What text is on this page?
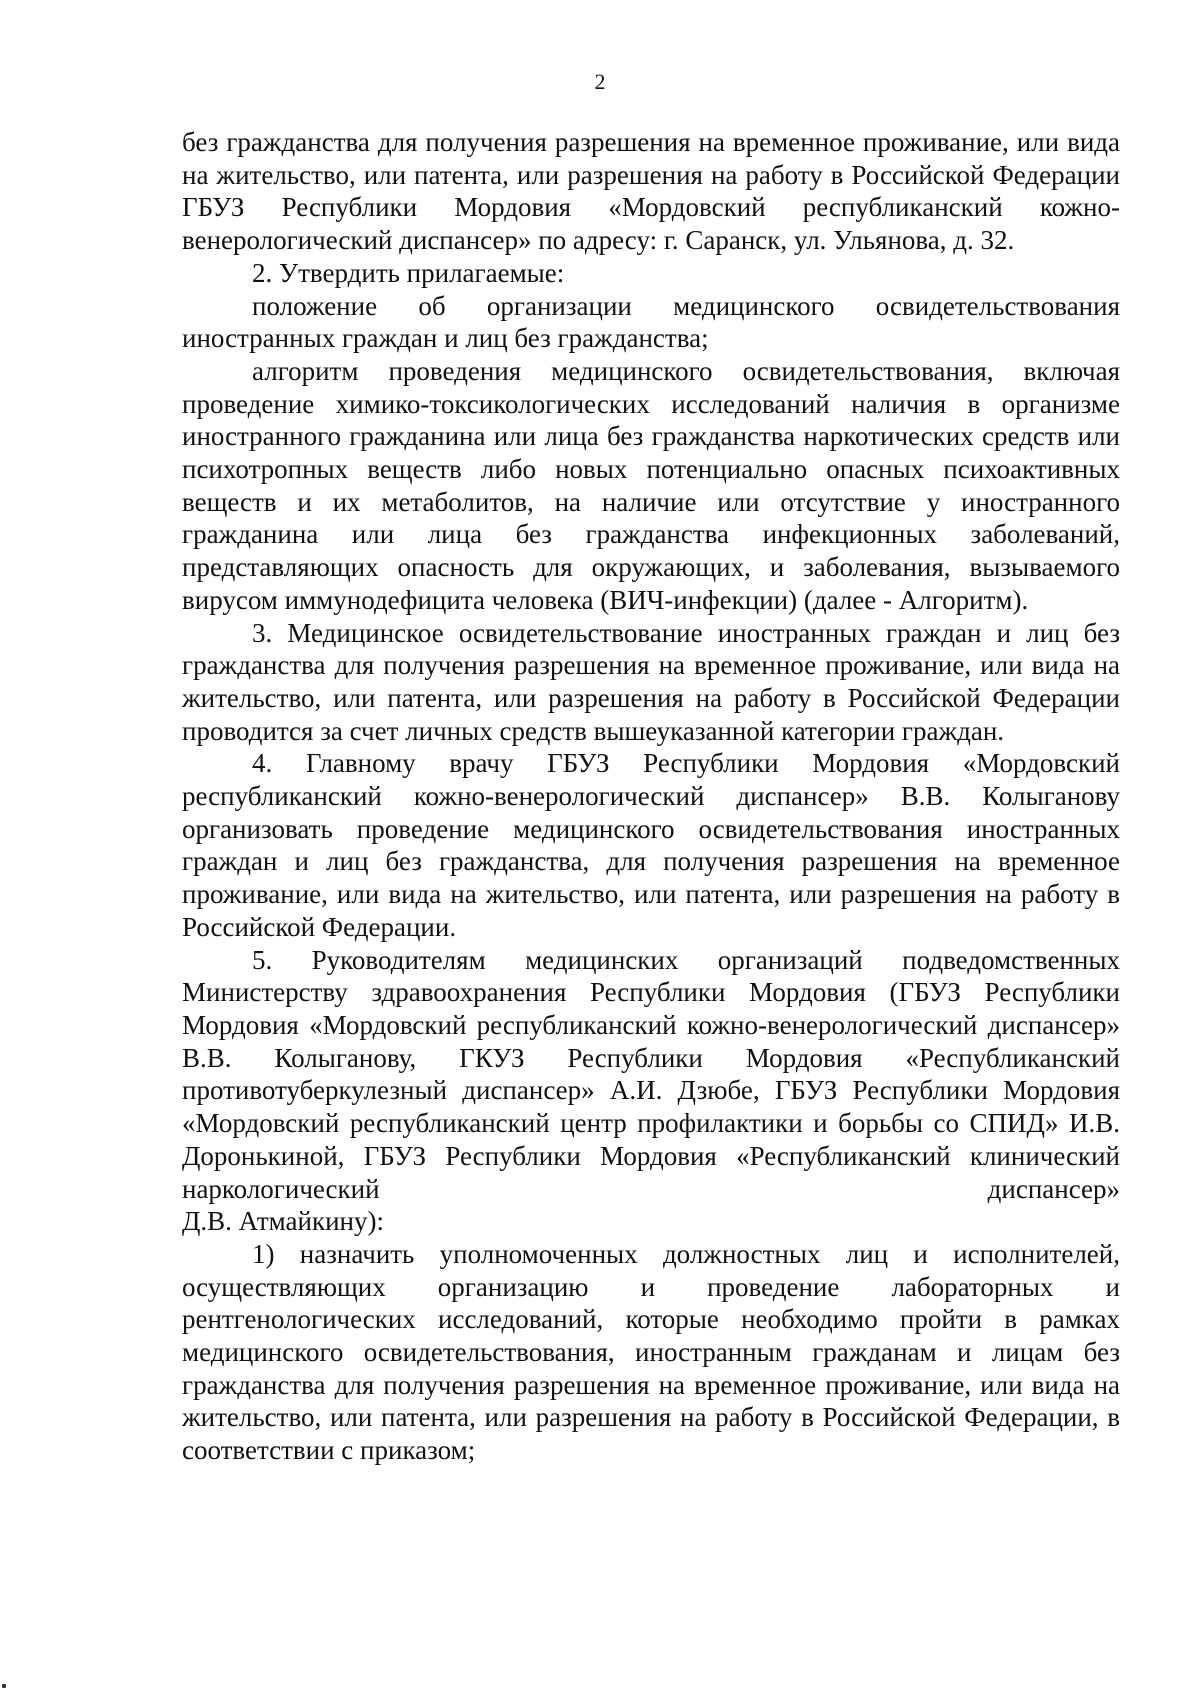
2

без гражданства для получения разрешения на временное проживание, или вида на жительство, или патента, или разрешения на работу в Российской Федерации ГБУЗ Республики Мордовия «Мордовский республиканский кожно-венерологический диспансер» по адресу: г. Саранск, ул. Ульянова, д. 32.

2. Утвердить прилагаемые:

положение об организации медицинского освидетельствования иностранных граждан и лиц без гражданства;

алгоритм проведения медицинского освидетельствования, включая проведение химико-токсикологических исследований наличия в организме иностранного гражданина или лица без гражданства наркотических средств или психотропных веществ либо новых потенциально опасных психоактивных веществ и их метаболитов, на наличие или отсутствие у иностранного гражданина или лица без гражданства инфекционных заболеваний, представляющих опасность для окружающих, и заболевания, вызываемого вирусом иммунодефицита человека (ВИЧ-инфекции) (далее - Алгоритм).

3. Медицинское освидетельствование иностранных граждан и лиц без гражданства для получения разрешения на временное проживание, или вида на жительство, или патента, или разрешения на работу в Российской Федерации проводится за счет личных средств вышеуказанной категории граждан.

4. Главному врачу ГБУЗ Республики Мордовия «Мордовский республиканский кожно-венерологический диспансер» В.В. Колыганову организовать проведение медицинского освидетельствования иностранных граждан и лиц без гражданства, для получения разрешения на временное проживание, или вида на жительство, или патента, или разрешения на работу в Российской Федерации.

5. Руководителям медицинских организаций подведомственных Министерству здравоохранения Республики Мордовия (ГБУЗ Республики Мордовия «Мордовский республиканский кожно-венерологический диспансер» В.В. Колыганову, ГКУЗ Республики Мордовия «Республиканский противотуберкулезный диспансер» А.И. Дзюбе, ГБУЗ Республики Мордовия «Мордовский республиканский центр профилактики и борьбы со СПИД» И.В. Доронькиной, ГБУЗ Республики Мордовия «Республиканский клинический наркологический диспансер»

Д.В. Атмайкину):

1) назначить уполномоченных должностных лиц и исполнителей, осуществляющих организацию и проведение лабораторных и рентгенологических исследований, которые необходимо пройти в рамках медицинского освидетельствования, иностранным гражданам и лицам без гражданства для получения разрешения на временное проживание, или вида на жительство, или патента, или разрешения на работу в Российской Федерации, в соответствии с приказом;
